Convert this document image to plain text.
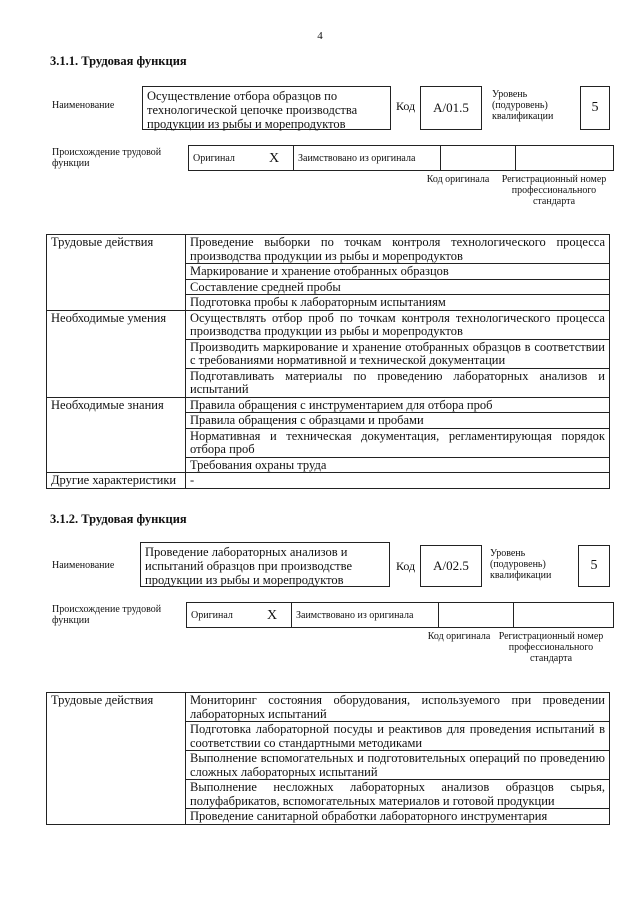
4
3.1.1. Трудовая функция
Наименование
Осуществление отбора образцов по технологической цепочке производства продукции из рыбы и морепродуктов
Код	А/01.5
Уровень (подуровень) квалификации
5
Происхождение трудовой функции	Оригинал	X	Заимствовано из оригинала		
Код оригинала Регистрационный номер профессионального стандарта
Трудовые действия	Проведение выборки по точкам контроля технологического процесса производства продукции из рыбы и морепродуктов
	Маркирование и хранение отобранных образцов
	Составление средней пробы
	Подготовка пробы к лабораторным испытаниям
Необходимые умения	Осуществлять отбор проб по точкам контроля технологического процесса производства продукции из рыбы и морепродуктов
	Производить маркирование и хранение отобранных образцов в соответствии с требованиями нормативной и технической документации
	Подготавливать материалы по проведению лабораторных анализов и испытаний
Необходимые знания	Правила обращения с инструментарием для отбора проб
	Правила обращения с образцами и пробами
	Нормативная и техническая документация, регламентирующая порядок отбора проб
	Требования охраны труда
Другие характеристики	-
3.1.2. Трудовая функция
Наименование
Проведение лабораторных анализов и испытаний образцов при производстве продукции из рыбы и морепродуктов
Код	А/02.5
Уровень (подуровень) квалификации
5
Происхождение трудовой функции	Оригинал	X	Заимствовано из оригинала		
Код оригинала Регистрационный номер профессионального стандарта
Трудовые действия	Мониторинг состояния оборудования, используемого при проведении лабораторных испытаний
Подготовка лабораторной посуды и реактивов для проведения испытаний в соответствии со стандартными методиками
Выполнение вспомогательных и подготовительных операций по проведению сложных лабораторных испытаний
Выполнение несложных лабораторных анализов образцов сырья, полуфабрикатов, вспомогательных материалов и готовой продукции
Проведение санитарной обработки лабораторного инструментария
